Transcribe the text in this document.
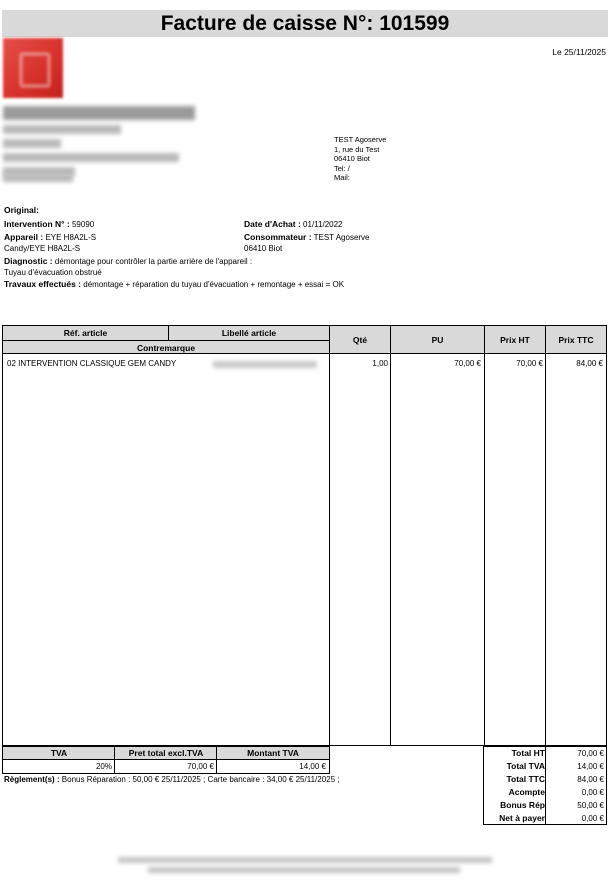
Facture de caisse N°: 101599
Le 25/11/2025
TEST Agoserve
1, rue du Test
06410 Biot
Tel: /
Mail:
Original:
Intervention N° : 59090
Appareil : EYE H8A2L-S
Candy/EYE H8A2L-S
Date d'Achat : 01/11/2022
Consommateur : TEST Agoserve
06410 Biot
Diagnostic : démontage pour contrôler la partie arrière de l'appareil :
Tuyau d'évacuation obstrué
Travaux effectués : démontage + réparation du tuyau d'évacuation + remontage + essai = OK
Réf. article	Libellé article
Contremarque
Qté	PU	Prix HT	Prix TTC
02 INTERVENTION CLASSIQUE GEM CANDY	1,00	70,00 €	70,00 €	84,00 €
TVA	Pret total excl.TVA	Montant TVA
20%	70,00 €	14,00 €
Total HT	70,00 €
Total TVA	14,00 €
Total TTC	84,00 €
Acompte	0,00 €
Bonus Rép	50,00 €
Net à payer	0,00 €
Règlement(s) : Bonus Réparation : 50,00 € 25/11/2025 ; Carte bancaire : 34,00 € 25/11/2025 ;
